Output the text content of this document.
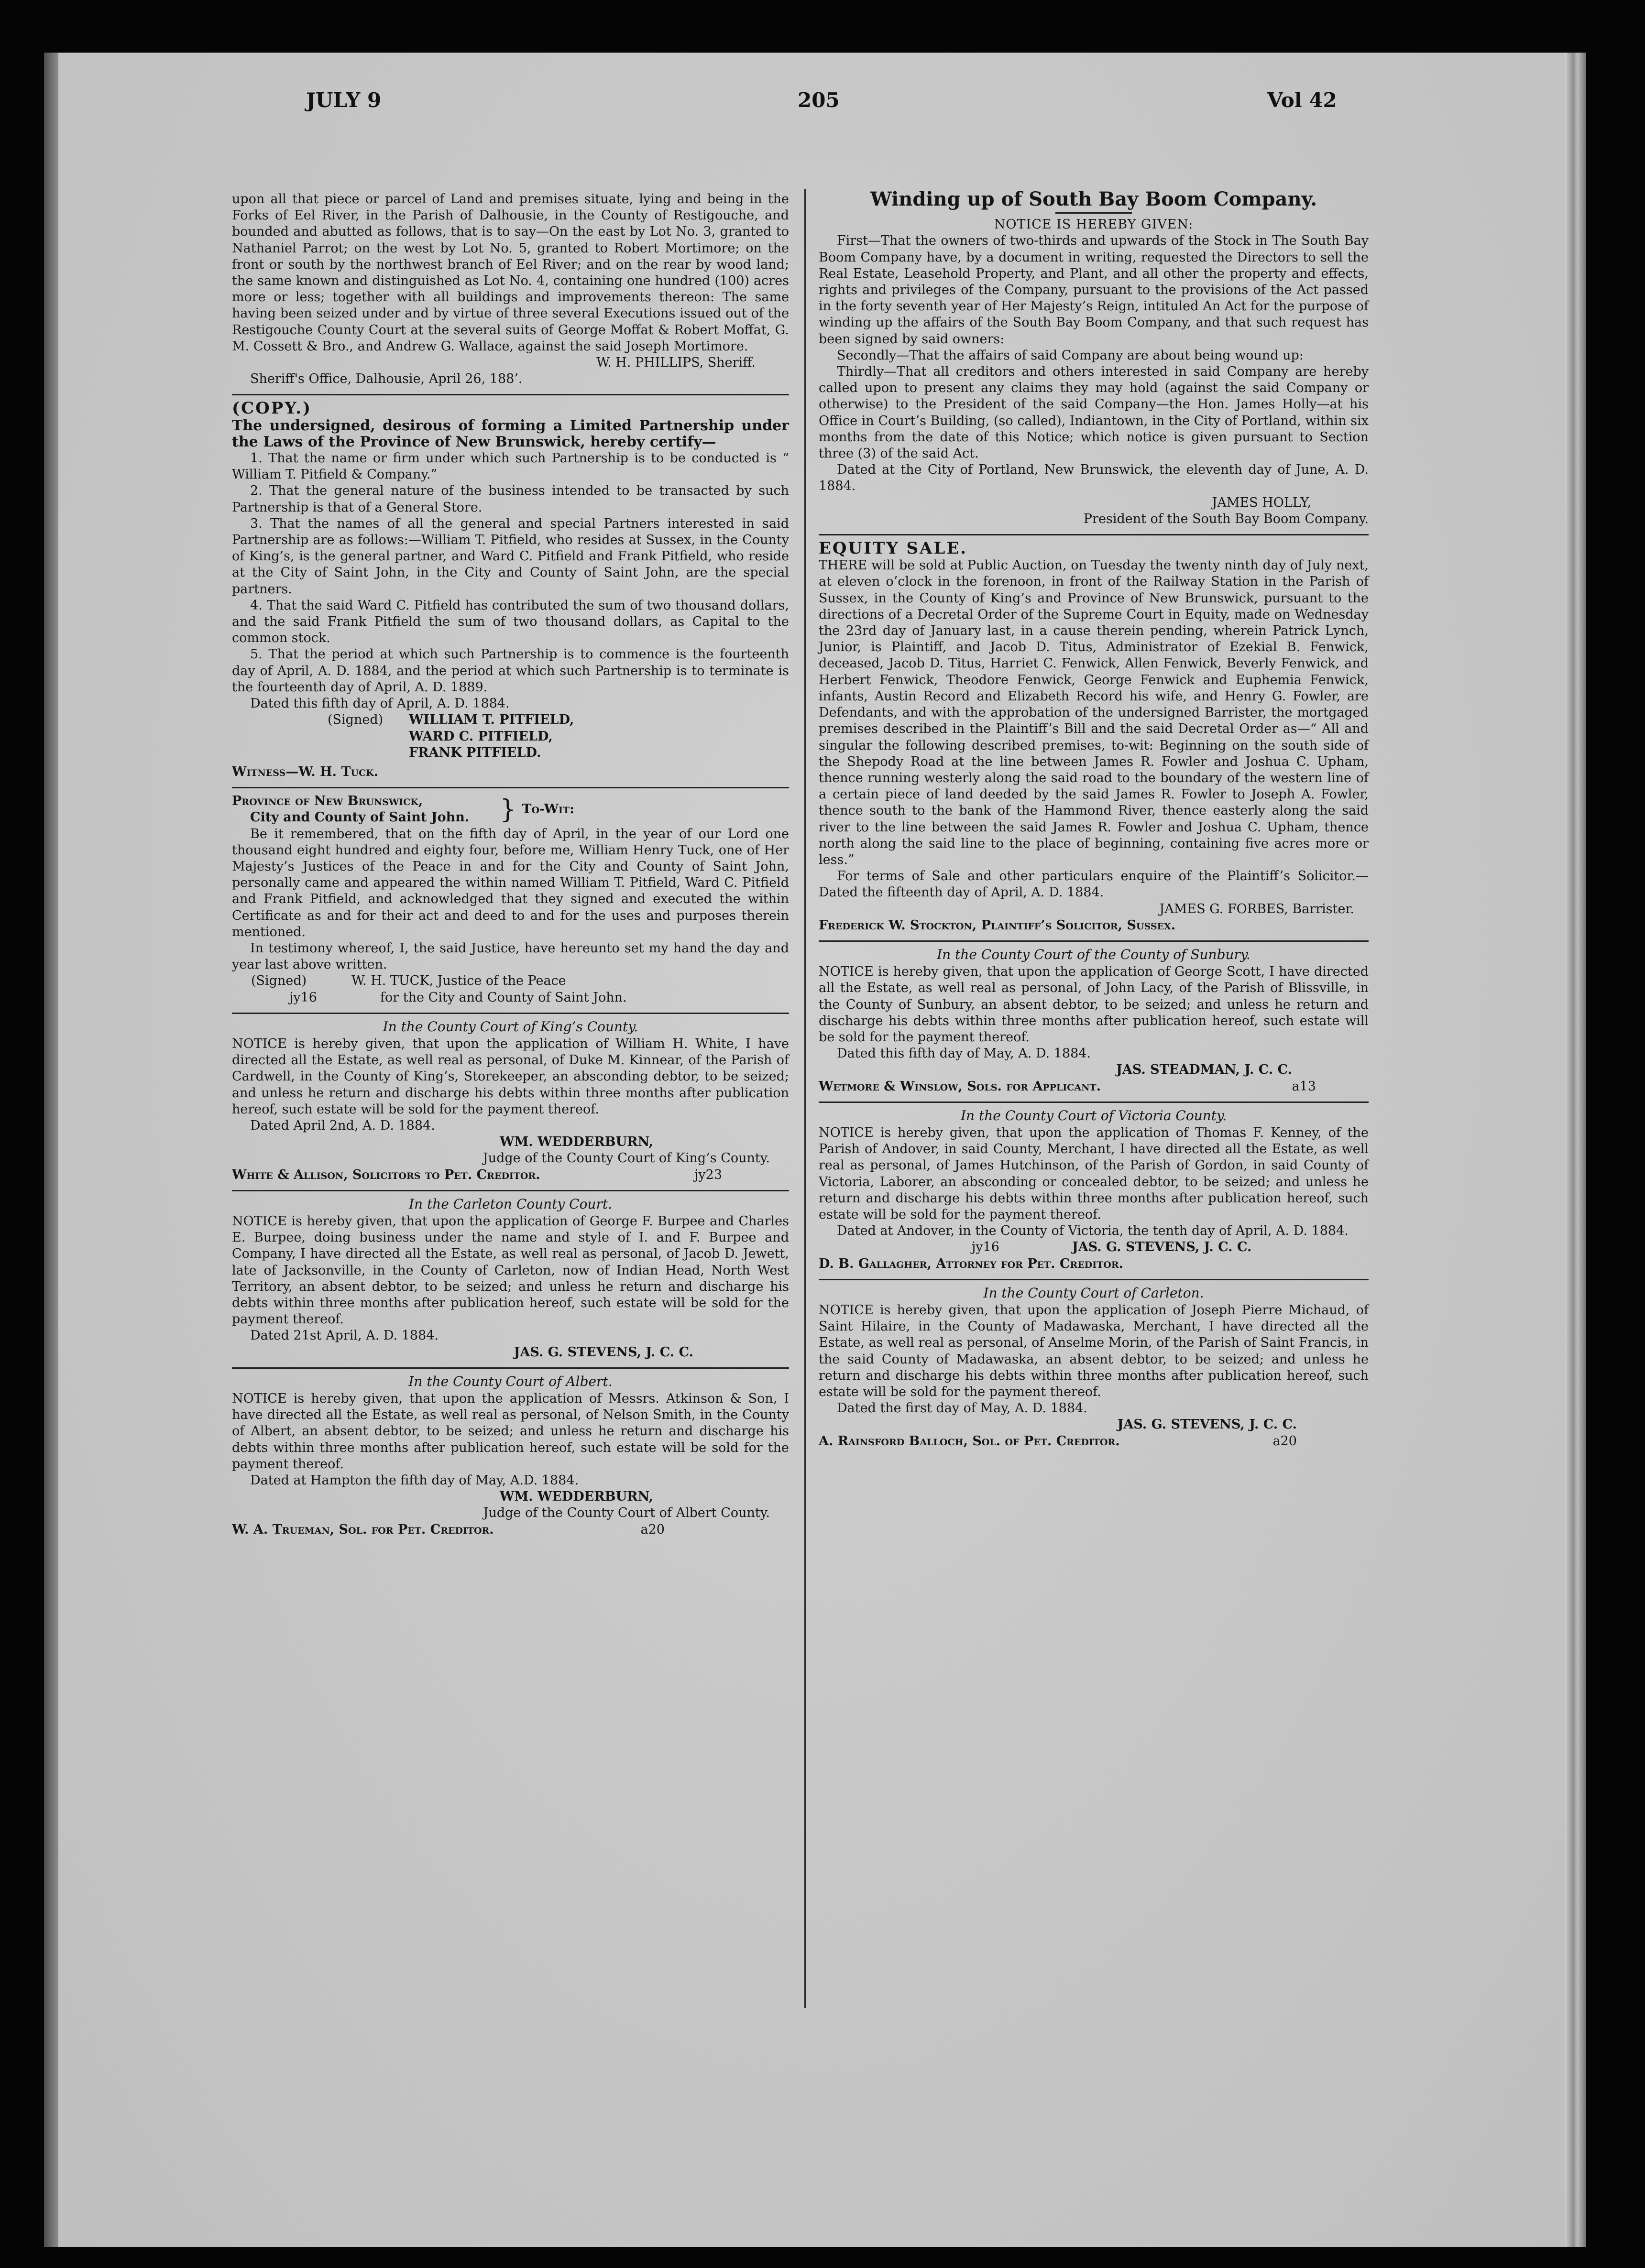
JULY 9	205	Vol 42

upon all that piece or parcel of Land and premises situate, lying and being in the Forks of Eel River, in the Parish of Dalhousie, in the County of Restigouche, and bounded and abutted as follows, that is to say—On the east by Lot No. 3, granted to Nathaniel Parrot; on the west by Lot No. 5, granted to Robert Mortimore; on the front or south by the northwest branch of Eel River; and on the rear by wood land; the same known and distinguished as Lot No. 4, containing one hundred (100) acres more or less; together with all buildings and improvements thereon: The same having been seized under and by virtue of three several Executions issued out of the Restigouche County Court at the several suits of George Moffat & Robert Moffat, G. M. Cossett & Bro., and Andrew G. Wallace, against the said Joseph Mortimore.

W. H. PHILLIPS, Sheriff.

Sheriff's Office, Dalhousie, April 26, 188’.

(COPY.)

The undersigned, desirous of forming a Limited Partnership under the Laws of the Province of New Brunswick, hereby certify—

1. That the name or firm under which such Partnership is to be conducted is “ William T. Pitfield & Company.”

2. That the general nature of the business intended to be transacted by such Partnership is that of a General Store.

3. That the names of all the general and special Partners interested in said Partnership are as follows:—William T. Pitfield, who resides at Sussex, in the County of King’s, is the general partner, and Ward C. Pitfield and Frank Pitfield, who reside at the City of Saint John, in the City and County of Saint John, are the special partners.

4. That the said Ward C. Pitfield has contributed the sum of two thousand dollars, and the said Frank Pitfield the sum of two thousand dollars, as Capital to the common stock.

5. That the period at which such Partnership is to commence is the fourteenth day of April, A. D. 1884, and the period at which such Partnership is to terminate is the fourteenth day of April, A. D. 1889.

Dated this fifth day of April, A. D. 1884.

(Signed)	WILLIAM T. PITFIELD,
WARD C. PITFIELD,
FRANK PITFIELD.

Witness—W. H. Tuck.

Province of New Brunswick,
City and County of Saint John.	} To-Wit:

Be it remembered, that on the fifth day of April, in the year of our Lord one thousand eight hundred and eighty four, before me, William Henry Tuck, one of Her Majesty’s Justices of the Peace in and for the City and County of Saint John, personally came and appeared the within named William T. Pitfield, Ward C. Pitfield and Frank Pitfield, and acknowledged that they signed and executed the within Certificate as and for their act and deed to and for the uses and purposes therein mentioned.

In testimony whereof, I, the said Justice, have hereunto set my hand the day and year last above written.

(Signed)
jy16
W. H. TUCK, Justice of the Peace
for the City and County of Saint John.

In the County Court of King’s County.

NOTICE is hereby given, that upon the application of William H. White, I have directed all the Estate, as well real as personal, of Duke M. Kinnear, of the Parish of Cardwell, in the County of King’s, Storekeeper, an absconding debtor, to be seized; and unless he return and discharge his debts within three months after publication hereof, such estate will be sold for the payment thereof.

Dated April 2nd, A. D. 1884.

WM. WEDDERBURN,

Judge of the County Court of King’s County.

White & Allison, Solicitors to Pet. Creditor.	jy23

In the Carleton County Court.

NOTICE is hereby given, that upon the application of George F. Burpee and Charles E. Burpee, doing business under the name and style of I. and F. Burpee and Company, I have directed all the Estate, as well real as personal, of Jacob D. Jewett, late of Jacksonville, in the County of Carleton, now of Indian Head, North West Territory, an absent debtor, to be seized; and unless he return and discharge his debts within three months after publication hereof, such estate will be sold for the payment thereof.

Dated 21st April, A. D. 1884.

JAS. G. STEVENS, J. C. C.

In the County Court of Albert.

NOTICE is hereby given, that upon the application of Messrs. Atkinson & Son, I have directed all the Estate, as well real as personal, of Nelson Smith, in the County of Albert, an absent debtor, to be seized; and unless he return and discharge his debts within three months after publication hereof, such estate will be sold for the payment thereof.

Dated at Hampton the fifth day of May, A.D. 1884.

WM. WEDDERBURN,

Judge of the County Court of Albert County.

W. A. Trueman, Sol. for Pet. Creditor.	a20

Winding up of South Bay Boom Company.

NOTICE IS HEREBY GIVEN:

First—That the owners of two-thirds and upwards of the Stock in The South Bay Boom Company have, by a document in writing, requested the Directors to sell the Real Estate, Leasehold Property, and Plant, and all other the property and effects, rights and privileges of the Company, pursuant to the provisions of the Act passed in the forty seventh year of Her Majesty’s Reign, intituled An Act for the purpose of winding up the affairs of the South Bay Boom Company, and that such request has been signed by said owners:

Secondly—That the affairs of said Company are about being wound up:

Thirdly—That all creditors and others interested in said Company are hereby called upon to present any claims they may hold (against the said Company or otherwise) to the President of the said Company—the Hon. James Holly—at his Office in Court’s Building, (so called), Indiantown, in the City of Portland, within six months from the date of this Notice; which notice is given pursuant to Section three (3) of the said Act.

Dated at the City of Portland, New Brunswick, the eleventh day of June, A. D. 1884.

JAMES HOLLY,

President of the South Bay Boom Company.

EQUITY SALE.

THERE will be sold at Public Auction, on Tuesday the twenty ninth day of July next, at eleven o’clock in the forenoon, in front of the Railway Station in the Parish of Sussex, in the County of King’s and Province of New Brunswick, pursuant to the directions of a Decretal Order of the Supreme Court in Equity, made on Wednesday the 23rd day of January last, in a cause therein pending, wherein Patrick Lynch, Junior, is Plaintiff, and Jacob D. Titus, Administrator of Ezekial B. Fenwick, deceased, Jacob D. Titus, Harriet C. Fenwick, Allen Fenwick, Beverly Fenwick, and Herbert Fenwick, Theodore Fenwick, George Fenwick and Euphemia Fenwick, infants, Austin Record and Elizabeth Record his wife, and Henry G. Fowler, are Defendants, and with the approbation of the undersigned Barrister, the mortgaged premises described in the Plaintiff’s Bill and the said Decretal Order as—“ All and singular the following described premises, to-wit: Beginning on the south side of the Shepody Road at the line between James R. Fowler and Joshua C. Upham, thence running westerly along the said road to the boundary of the western line of a certain piece of land deeded by the said James R. Fowler to Joseph A. Fowler, thence south to the bank of the Hammond River, thence easterly along the said river to the line between the said James R. Fowler and Joshua C. Upham, thence north along the said line to the place of beginning, containing five acres more or less.”

For terms of Sale and other particulars enquire of the Plaintiff’s Solicitor.—Dated the fifteenth day of April, A. D. 1884.

JAMES G. FORBES, Barrister.

Frederick W. Stockton, Plaintiff’s Solicitor, Sussex.

In the County Court of the County of Sunbury.

NOTICE is hereby given, that upon the application of George Scott, I have directed all the Estate, as well real as personal, of John Lacy, of the Parish of Blissville, in the County of Sunbury, an absent debtor, to be seized; and unless he return and discharge his debts within three months after publication hereof, such estate will be sold for the payment thereof.

Dated this fifth day of May, A. D. 1884.

JAS. STEADMAN, J. C. C.

Wetmore & Winslow, Sols. for Applicant.	a13

In the County Court of Victoria County.

NOTICE is hereby given, that upon the application of Thomas F. Kenney, of the Parish of Andover, in said County, Merchant, I have directed all the Estate, as well real as personal, of James Hutchinson, of the Parish of Gordon, in said County of Victoria, Laborer, an absconding or concealed debtor, to be seized; and unless he return and discharge his debts within three months after publication hereof, such estate will be sold for the payment thereof.

Dated at Andover, in the County of Victoria, the tenth day of April, A. D. 1884.

jy16	JAS. G. STEVENS, J. C. C.

D. B. Gallagher, Attorney for Pet. Creditor.

In the County Court of Carleton.

NOTICE is hereby given, that upon the application of Joseph Pierre Michaud, of Saint Hilaire, in the County of Madawaska, Merchant, I have directed all the Estate, as well real as personal, of Anselme Morin, of the Parish of Saint Francis, in the said County of Madawaska, an absent debtor, to be seized; and unless he return and discharge his debts within three months after publication hereof, such estate will be sold for the payment thereof.

Dated the first day of May, A. D. 1884.

JAS. G. STEVENS, J. C. C.

A. Rainsford Balloch, Sol. of Pet. Creditor.	a20
